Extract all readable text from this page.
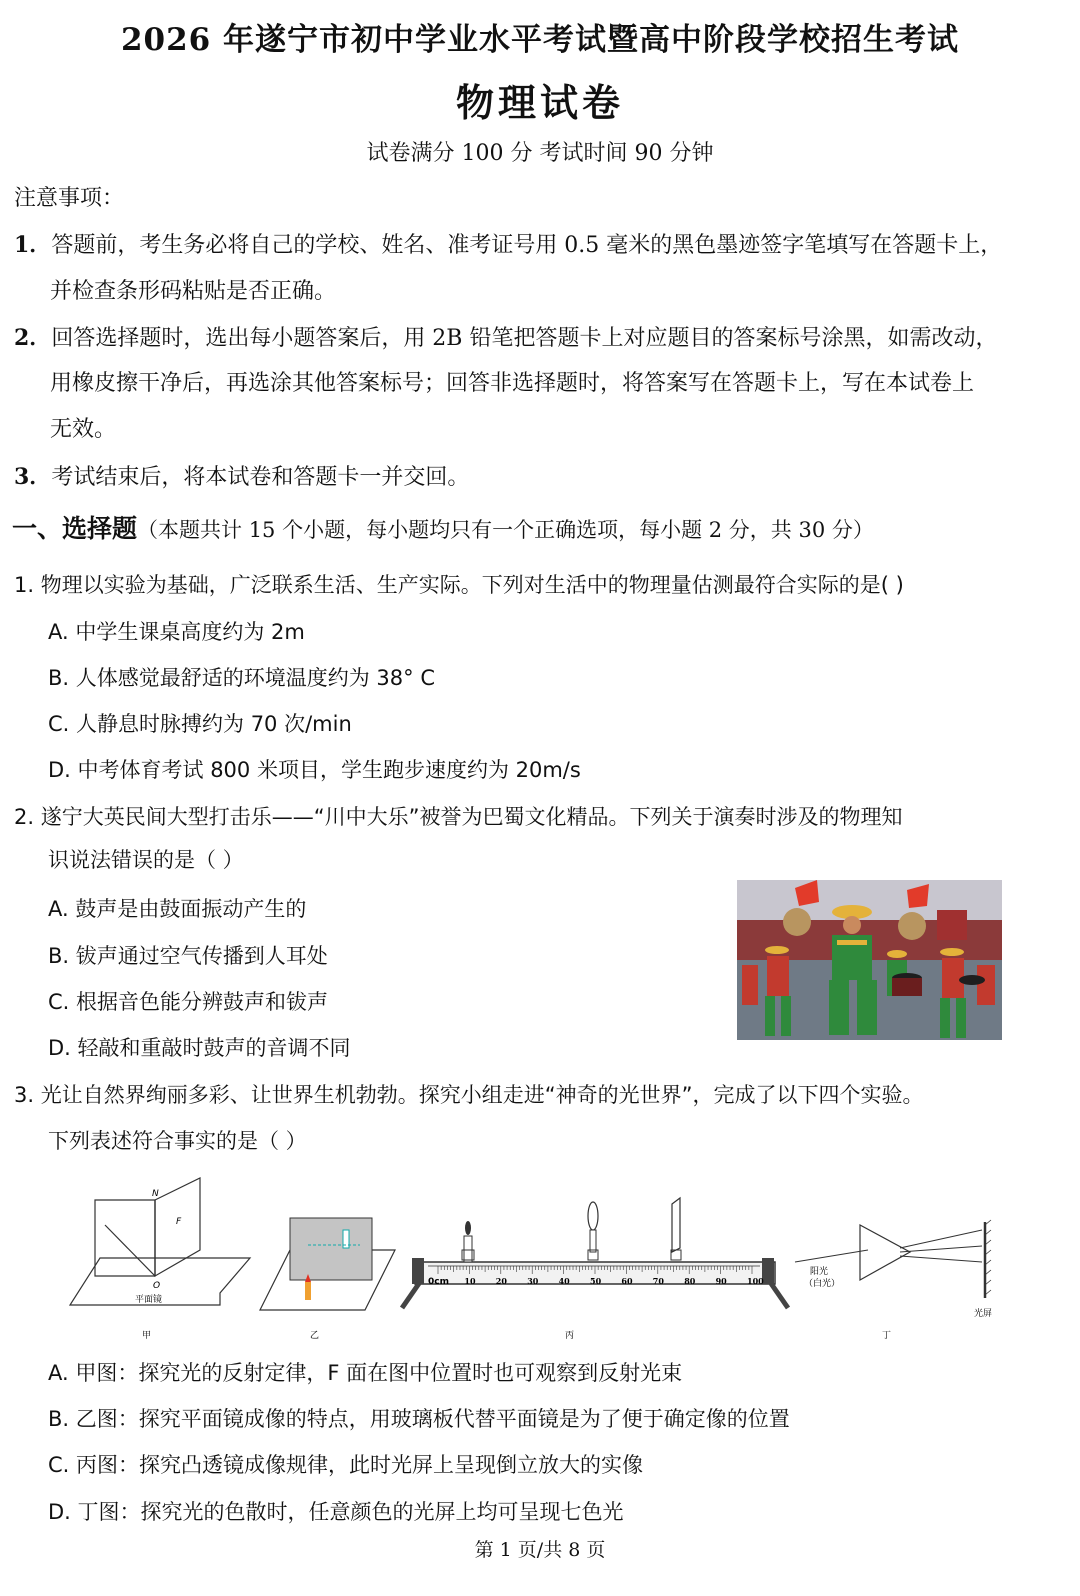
2026 年遂宁市初中学业水平考试暨高中阶段学校招生考试
物理试卷
试卷满分 100 分 考试时间 90 分钟
注意事项：
1．答题前，考生务必将自己的学校、姓名、准考证号用 0.5 毫米的黑色墨迹签字笔填写在答题卡上，
并检查条形码粘贴是否正确。
2．回答选择题时，选出每小题答案后，用 2B 铅笔把答题卡上对应题目的答案标号涂黑，如需改动，
用橡皮擦干净后，再选涂其他答案标号；回答非选择题时，将答案写在答题卡上，写在本试卷上
无效。
3．考试结束后，将本试卷和答题卡一并交回。
一、选择题（本题共计 15 个小题，每小题均只有一个正确选项，每小题 2 分，共 30 分）
1. 物理以实验为基础，广泛联系生活、生产实际。下列对生活中的物理量估测最符合实际的是( )
A. 中学生课桌高度约为 2m
B. 人体感觉最舒适的环境温度约为 38° C
C. 人静息时脉搏约为 70 次/min
D. 中考体育考试 800 米项目，学生跑步速度约为 20m/s
2. 遂宁大英民间大型打击乐——“川中大乐”被誉为巴蜀文化精品。下列关于演奏时涉及的物理知
识说法错误的是（ ）
A. 鼓声是由鼓面振动产生的
B. 钹声通过空气传播到人耳处
C. 根据音色能分辨鼓声和钹声
D. 轻敲和重敲时鼓声的音调不同
3. 光让自然界绚丽多彩、让世界生机勃勃。探究小组走进“神奇的光世界”，完成了以下四个实验。
下列表述符合事实的是（ ）
N
F
O
平面镜
甲	乙
10	20	30	40	50	60	70	80	90	100
0cm
丙
阳光
（白光）
光屏
丁
A. 甲图：探究光的反射定律，F 面在图中位置时也可观察到反射光束
B. 乙图：探究平面镜成像的特点，用玻璃板代替平面镜是为了便于确定像的位置
C. 丙图：探究凸透镜成像规律，此时光屏上呈现倒立放大的实像
D. 丁图：探究光的色散时，任意颜色的光屏上均可呈现七色光
第 1 页/共 8 页
